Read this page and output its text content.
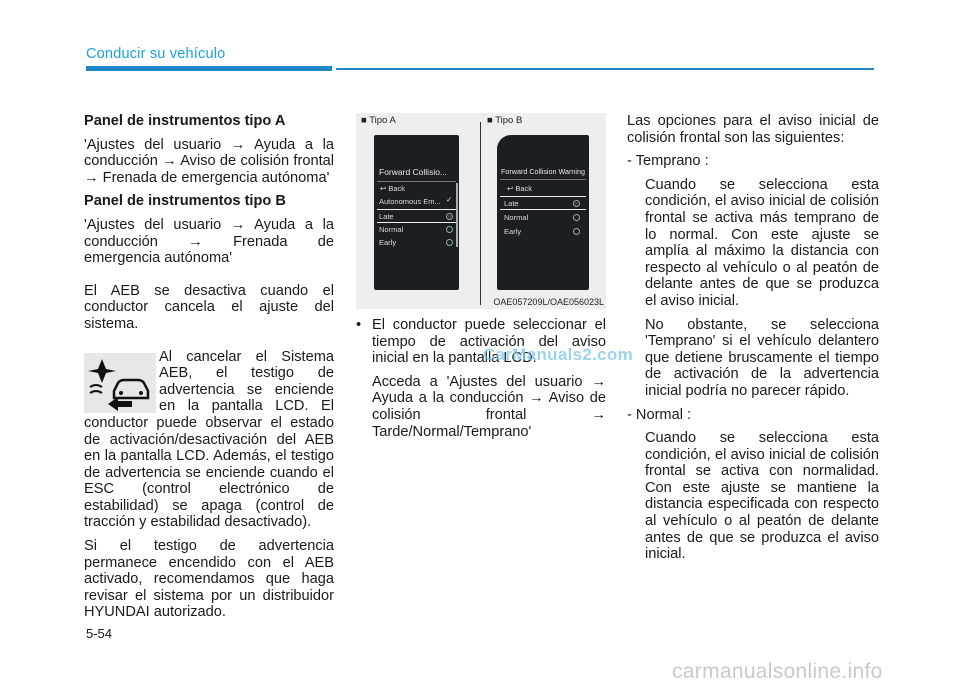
Conducir su vehículo

Panel de instrumentos tipo A

'Ajustes del usuario → Ayuda a la conducción → Aviso de colisión frontal → Frenada de emergencia autónoma'

Panel de instrumentos tipo B

'Ajustes del usuario → Ayuda a la conducción → Frenada de emergencia autónoma'

El AEB se desactiva cuando el conductor cancela el ajuste del sistema.

Al cancelar el Sistema AEB, el testigo de advertencia se enciende en la pantalla LCD. El conductor puede observar el estado de activación/desactivación del AEB en la pantalla LCD. Además, el testigo de advertencia se enciende cuando el ESC (control electrónico de estabilidad) se apaga (control de tracción y estabilidad desactivado).

Si el testigo de advertencia permanece encendido con el AEB activado, recomendamos que haga revisar el sistema por un distribuidor HYUNDAI autorizado.

■ Tipo A	■ Tipo B
Forward Collisio...
↩ Back
Autonomous Em... ✓
Late
Normal
Early
Forward Collision Warning
↩ Back
Late
Normal
Early
OAE057209L/OAE056023L
• El conductor puede seleccionar el tiempo de activación del aviso inicial en la pantalla LCD.

Acceda a 'Ajustes del usuario → Ayuda a la conducción → Aviso de colisión frontal → Tarde/Normal/Temprano'

Las opciones para el aviso inicial de colisión frontal son las siguientes:

- Temprano :

Cuando se selecciona esta condición, el aviso inicial de colisión frontal se activa más temprano de lo normal. Con este ajuste se amplía al máximo la distancia con respecto al vehículo o al peatón de delante antes de que se produzca el aviso inicial.

No obstante, se selecciona 'Temprano' si el vehículo delantero que detiene bruscamente el tiempo de activación de la advertencia inicial podría no parecer rápido.

- Normal :

Cuando se selecciona esta condición, el aviso inicial de colisión frontal se activa con normalidad. Con este ajuste se mantiene la distancia especificada con respecto al vehículo o al peatón de delante antes de que se produzca el aviso inicial.

CarManuals2.com
5-54
carmanualsonline.info
